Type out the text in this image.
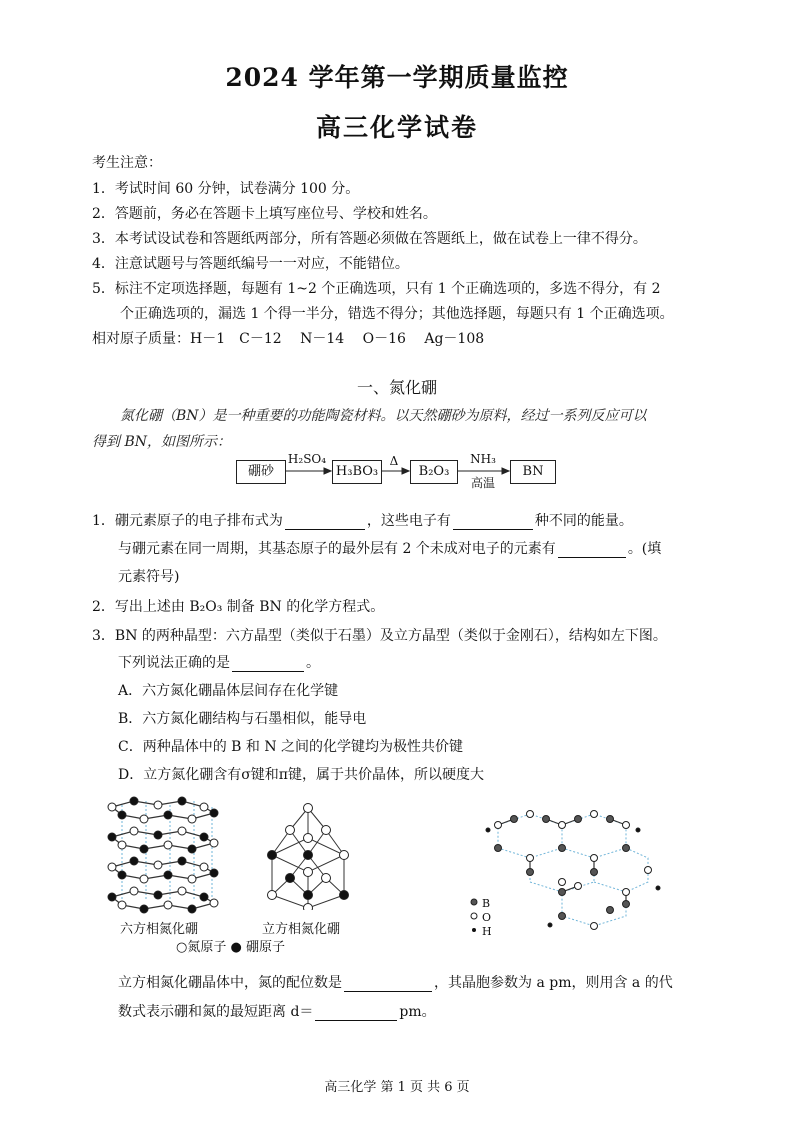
2024 学年第一学期质量监控
高三化学试卷
考生注意：
1．考试时间 60 分钟，试卷满分 100 分。
2．答题前，务必在答题卡上填写座位号、学校和姓名。
3．本考试设试卷和答题纸两部分，所有答题必须做在答题纸上，做在试卷上一律不得分。
4．注意试题号与答题纸编号一一对应，不能错位。
5．标注不定项选择题，每题有 1~2 个正确选项，只有 1 个正确选项的，多选不得分，有 2
个正确选项的，漏选 1 个得一半分，错选不得分；其他选择题，每题只有 1 个正确选项。
相对原子质量：H－1　C－12　 N－14　 O－16　 Ag－108
一、氮化硼
氮化硼（BN）是一种重要的功能陶瓷材料。以天然硼砂为原料，经过一系列反应可以
得到 BN，如图所示：
硼砂	H₃BO₃	B₂O₃	BN
H₂SO₄	Δ	NH₃
高温
1．硼元素原子的电子排布式为	，这些电子有	种不同的能量。
与硼元素在同一周期，其基态原子的最外层有 2 个未成对电子的元素有	。(填
元素符号)
2．写出上述由 B₂O₃ 制备 BN 的化学方程式。
3．BN 的两种晶型：六方晶型（类似于石墨）及立方晶型（类似于金刚石），结构如左下图。
下列说法正确的是	。
A．六方氮化硼晶体层间存在化学键
B．六方氮化硼结构与石墨相似，能导电
C．两种晶体中的 B 和 N 之间的化学键均为极性共价键
D．立方氮化硼含有σ键和π键，属于共价晶体，所以硬度大
六方相氮化硼	立方相氮化硼
○氮原子 ● 硼原子
B
O
H
立方相氮化硼晶体中，氮的配位数是	，其晶胞参数为 a pm，则用含 a 的代
数式表示硼和氮的最短距离 d＝	pm。
高三化学 第 1 页 共 6 页
